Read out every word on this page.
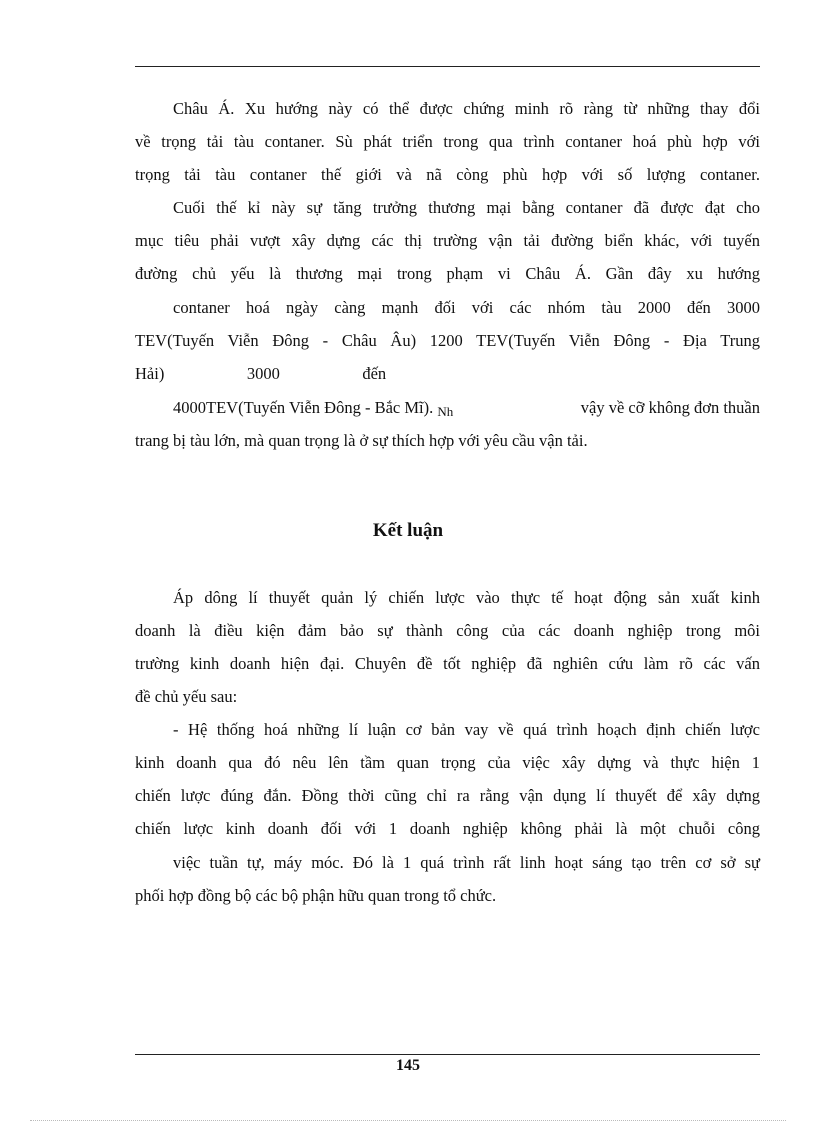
Châu Á. Xu hướng này có thể được chứng minh rõ ràng từ những thay đổi
về trọng tải tàu contaner. Sù phát triển trong qua trình contaner hoá phù hợp với
trọng tải tàu contaner thế giới và nã còng phù hợp với số lượng contaner.
Cuối thế kỉ này sự tăng trưởng thương mại bằng contaner đã được đạt cho
mục tiêu phải vượt xây dựng các thị trường vận tải đường biển khác, với tuyến
đường chủ yếu là thương mại trong phạm vi Châu Á. Gần đây xu hướng
contaner hoá ngày càng mạnh đối với các nhóm tàu 2000 đến 3000
TEV(Tuyến Viễn Đông - Châu Âu) 1200 TEV(Tuyến Viễn Đông - Địa Trung
Hải)                    3000                    đến
4000TEV(Tuyến Viễn Đông - Bắc Mĩ). Nh	vậy về cỡ không đơn thuần
trang bị tàu lớn, mà quan trọng là ở sự thích hợp với yêu cầu vận tải.
Kết luận
Áp dông lí thuyết quản lý chiến lược vào thực tế hoạt động sản xuất kinh
doanh là điều kiện đảm bảo sự thành công của các doanh nghiệp trong môi
trường kinh doanh hiện đại. Chuyên đề tốt nghiệp đã nghiên cứu làm rõ các vấn
đề chủ yếu sau:
- Hệ thống hoá những lí luận cơ bản vay về quá trình hoạch định chiến lược
kinh doanh qua đó nêu lên tầm quan trọng của việc xây dựng và thực hiện 1
chiến lược đúng đắn. Đồng thời cũng chỉ ra rằng vận dụng lí thuyết để xây dựng
chiến lược kinh doanh đối với 1 doanh nghiệp không phải là một chuỗi công
việc tuần tự, máy móc. Đó là 1 quá trình rất linh hoạt sáng tạo trên cơ sở sự
phối hợp đồng bộ các bộ phận hữu quan trong tổ chức.
145
